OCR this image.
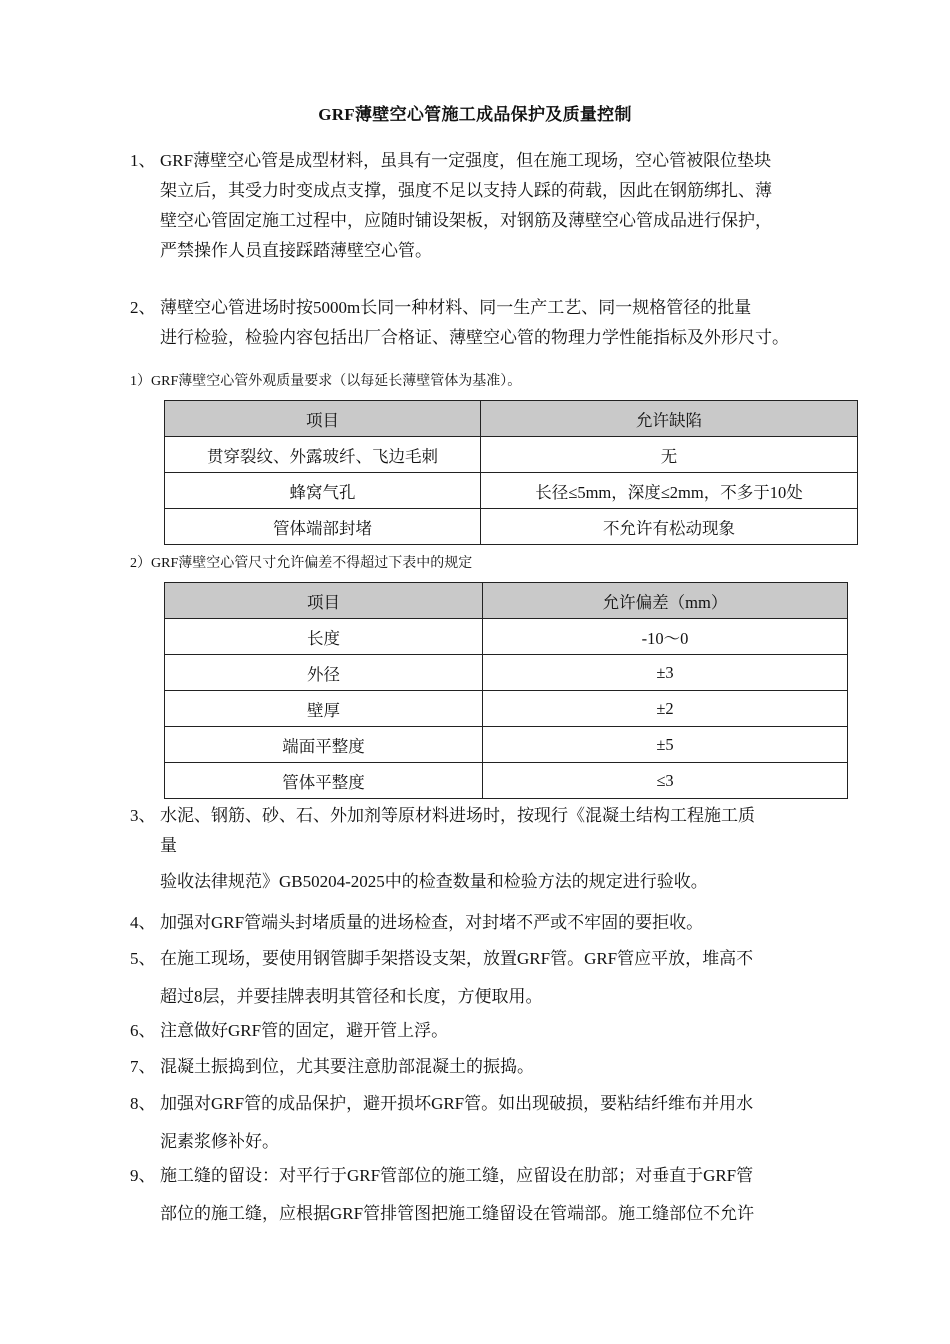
GRF薄壁空心管施工成品保护及质量控制
1、 GRF薄壁空心管是成型材料，虽具有一定强度，但在施工现场，空心管被限位垫块
架立后，其受力时变成点支撑，强度不足以支持人踩的荷载，因此在钢筋绑扎、薄
壁空心管固定施工过程中，应随时铺设架板，对钢筋及薄壁空心管成品进行保护，
严禁操作人员直接踩踏薄壁空心管。
2、 薄壁空心管进场时按5000m长同一种材料、同一生产工艺、同一规格管径的批量
进行检验，检验内容包括出厂合格证、薄壁空心管的物理力学性能指标及外形尺寸。
1）GRF薄壁空心管外观质量要求（以每延长薄壁管体为基准）。
项目	允许缺陷
贯穿裂纹、外露玻纤、飞边毛刺	无
蜂窝气孔	长径≤5mm，深度≤2mm，不多于10处
管体端部封堵	不允许有松动现象
2）GRF薄壁空心管尺寸允许偏差不得超过下表中的规定
项目	允许偏差（mm）
长度	-10～0
外径	±3
壁厚	±2
端面平整度	±5
管体平整度	≤3
3、 水泥、钢筋、砂、石、外加剂等原材料进场时，按现行《混凝土结构工程施工质
量
验收法律规范》GB50204-2025中的检查数量和检验方法的规定进行验收。
4、 加强对GRF管端头封堵质量的进场检查，对封堵不严或不牢固的要拒收。
5、 在施工现场，要使用钢管脚手架搭设支架，放置GRF管。GRF管应平放，堆高不
超过8层，并要挂牌表明其管径和长度，方便取用。
6、 注意做好GRF管的固定，避开管上浮。
7、 混凝土振捣到位，尤其要注意肋部混凝土的振捣。
8、 加强对GRF管的成品保护，避开损坏GRF管。如出现破损，要粘结纤维布并用水
泥素浆修补好。
9、 施工缝的留设：对平行于GRF管部位的施工缝，应留设在肋部；对垂直于GRF管
部位的施工缝，应根据GRF管排管图把施工缝留设在管端部。施工缝部位不允许
